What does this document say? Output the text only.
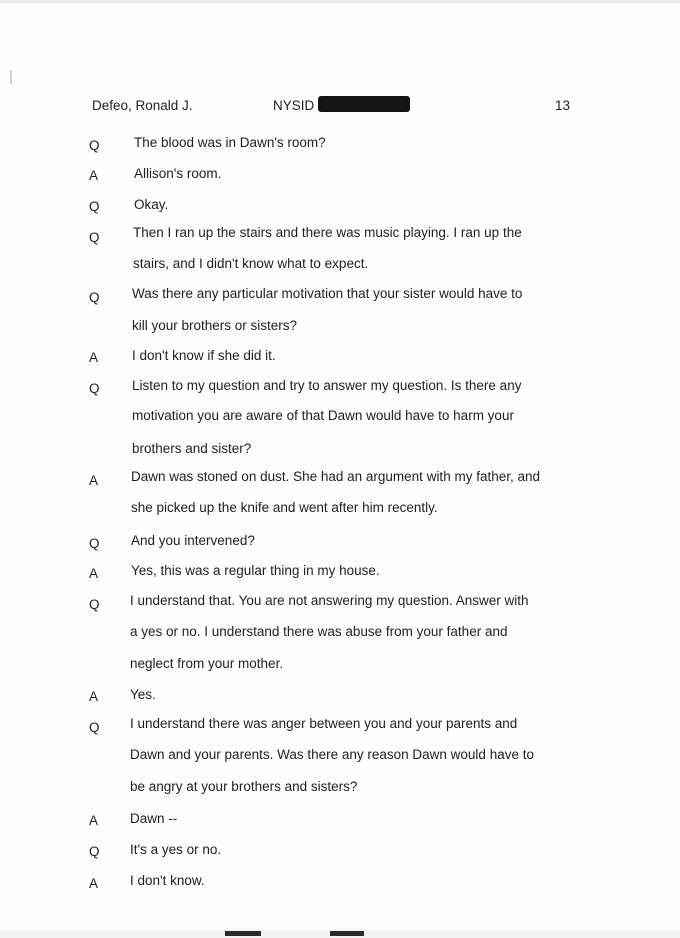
Defeo, Ronald J.	NYSID	13
Q	The blood was in Dawn's room?
A	Allison's room.
Q	Okay.
Q	Then I ran up the stairs and there was music playing. I ran up the
stairs, and I didn't know what to expect.
Q	Was there any particular motivation that your sister would have to
kill your brothers or sisters?
A	I don't know if she did it.
Q	Listen to my question and try to answer my question. Is there any
motivation you are aware of that Dawn would have to harm your
brothers and sister?
A	Dawn was stoned on dust. She had an argument with my father, and
she picked up the knife and went after him recently.
Q	And you intervened?
A	Yes, this was a regular thing in my house.
Q	I understand that. You are not answering my question. Answer with
a yes or no. I understand there was abuse from your father and
neglect from your mother.
A	Yes.
Q	I understand there was anger between you and your parents and
Dawn and your parents. Was there any reason Dawn would have to
be angry at your brothers and sisters?
A	Dawn --
Q	It's a yes or no.
A	I don't know.
